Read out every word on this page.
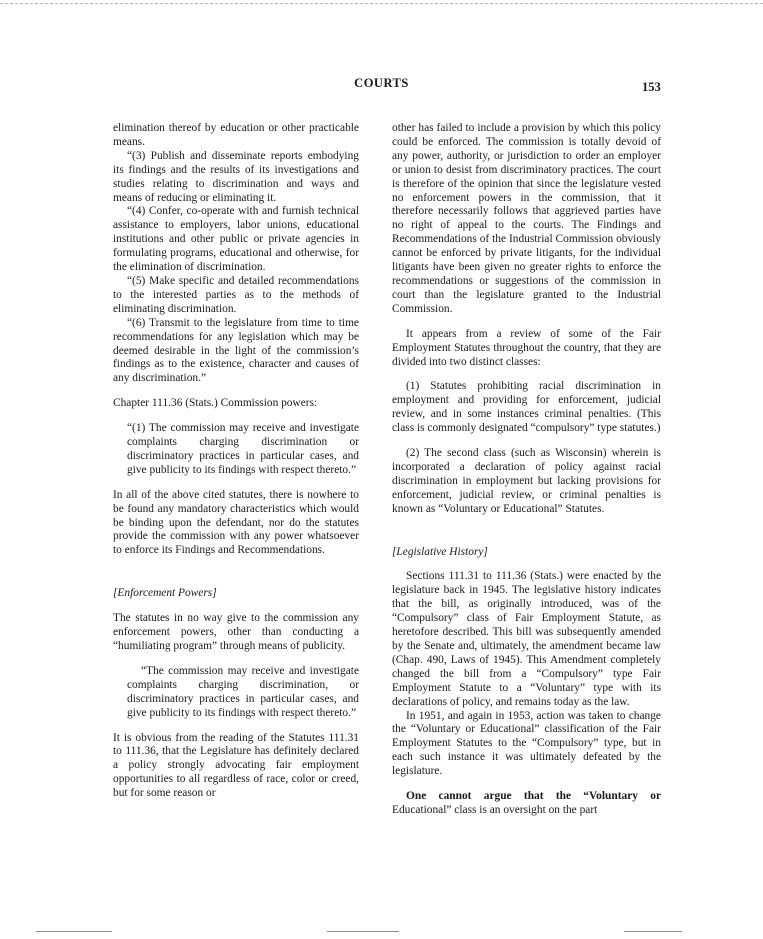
COURTS	153

elimination thereof by education or other practicable means.

“(3) Publish and disseminate reports embodying its findings and the results of its investigations and studies relating to discrimination and ways and means of reducing or eliminating it.

“(4) Confer, co-operate with and furnish technical assistance to employers, labor unions, educational institutions and other public or private agencies in formulating programs, educational and otherwise, for the elimination of discrimination.

“(5) Make specific and detailed recommendations to the interested parties as to the methods of eliminating discrimination.

“(6) Transmit to the legislature from time to time recommendations for any legislation which may be deemed desirable in the light of the commission’s findings as to the existence, character and causes of any discrimination.”

Chapter 111.36 (Stats.) Commission powers:

“(1) The commission may receive and investigate complaints charging discrimination or discriminatory practices in particular cases, and give publicity to its findings with respect thereto.”

In all of the above cited statutes, there is nowhere to be found any mandatory characteristics which would be binding upon the defendant, nor do the statutes provide the commission with any power whatsoever to enforce its Findings and Recommendations.

[Enforcement Powers]

The statutes in no way give to the commission any enforcement powers, other than conducting a “humiliating program” through means of publicity.

“The commission may receive and investigate complaints charging discrimination, or discriminatory practices in particular cases, and give publicity to its findings with respect thereto.”

It is obvious from the reading of the Statutes 111.31 to 111.36, that the Legislature has definitely declared a policy strongly advocating fair employment opportunities to all regardless of race, color or creed, but for some reason or

other has failed to include a provision by which this policy could be enforced. The commission is totally devoid of any power, authority, or jurisdiction to order an employer or union to desist from discriminatory practices. The court is therefore of the opinion that since the legislature vested no enforcement powers in the commission, that it therefore necessarily follows that aggrieved parties have no right of appeal to the courts. The Findings and Recommendations of the Industrial Commission obviously cannot be enforced by private litigants, for the individual litigants have been given no greater rights to enforce the recommendations or suggestions of the commission in court than the legislature granted to the Industrial Commission.

It appears from a review of some of the Fair Employment Statutes throughout the country, that they are divided into two distinct classes:

(1) Statutes prohibiting racial discrimination in employment and providing for enforcement, judicial review, and in some instances criminal penalties. (This class is commonly designated “compulsory” type statutes.)

(2) The second class (such as Wisconsin) wherein is incorporated a declaration of policy against racial discrimination in employment but lacking provisions for enforcement, judicial review, or criminal penalties is known as “Voluntary or Educational” Statutes.

[Legislative History]

Sections 111.31 to 111.36 (Stats.) were enacted by the legislature back in 1945. The legislative history indicates that the bill, as originally introduced, was of the “Compulsory” class of Fair Employment Statute, as heretofore described. This bill was subsequently amended by the Senate and, ultimately, the amendment became law (Chap. 490, Laws of 1945). This Amendment completely changed the bill from a “Compulsory” type Fair Employment Statute to a “Voluntary” type with its declarations of policy, and remains today as the law.

In 1951, and again in 1953, action was taken to change the “Voluntary or Educational” classification of the Fair Employment Statutes to the “Compulsory” type, but in each such instance it was ultimately defeated by the legislature.

One cannot argue that the “Voluntary or Educational” class is an oversight on the part
